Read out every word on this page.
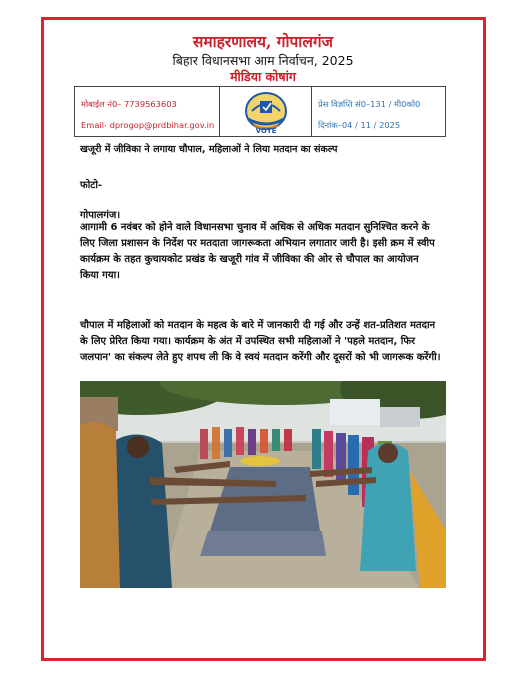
समाहरणालय, गोपालगंज
बिहार विधानसभा आम निर्वाचन, 2025
मीडिया कोषांग
मोबाईल नं0– 7739563603
Email- dprogop@prdbihar.gov.in
VOTE
प्रेस विज्ञप्ति सं0–131 / मी0को0
दिनांक–04 / 11 / 2025
खजूरी में जीविका ने लगाया चौपाल, महिलाओं ने लिया मतदान का संकल्प
फोटो-
गोपालगंज।
आगामी 6 नवंबर को होने वाले विधानसभा चुनाव में अधिक से अधिक मतदान सुनिश्चित करने के
लिए जिला प्रशासन के निर्देश पर मतदाता जागरूकता अभियान लगातार जारी है। इसी क्रम में स्वीप
कार्यक्रम के तहत कुचायकोट प्रखंड के खजूरी गांव में जीविका की ओर से चौपाल का आयोजन
किया गया।
चौपाल में महिलाओं को मतदान के महत्व के बारे में जानकारी दी गई और उन्हें शत-प्रतिशत मतदान
के लिए प्रेरित किया गया। कार्यक्रम के अंत में उपस्थित सभी महिलाओं ने 'पहले मतदान, फिर
जलपान' का संकल्प लेते हुए शपथ ली कि वे स्वयं मतदान करेंगी और दूसरों को भी जागरूक करेंगी।
